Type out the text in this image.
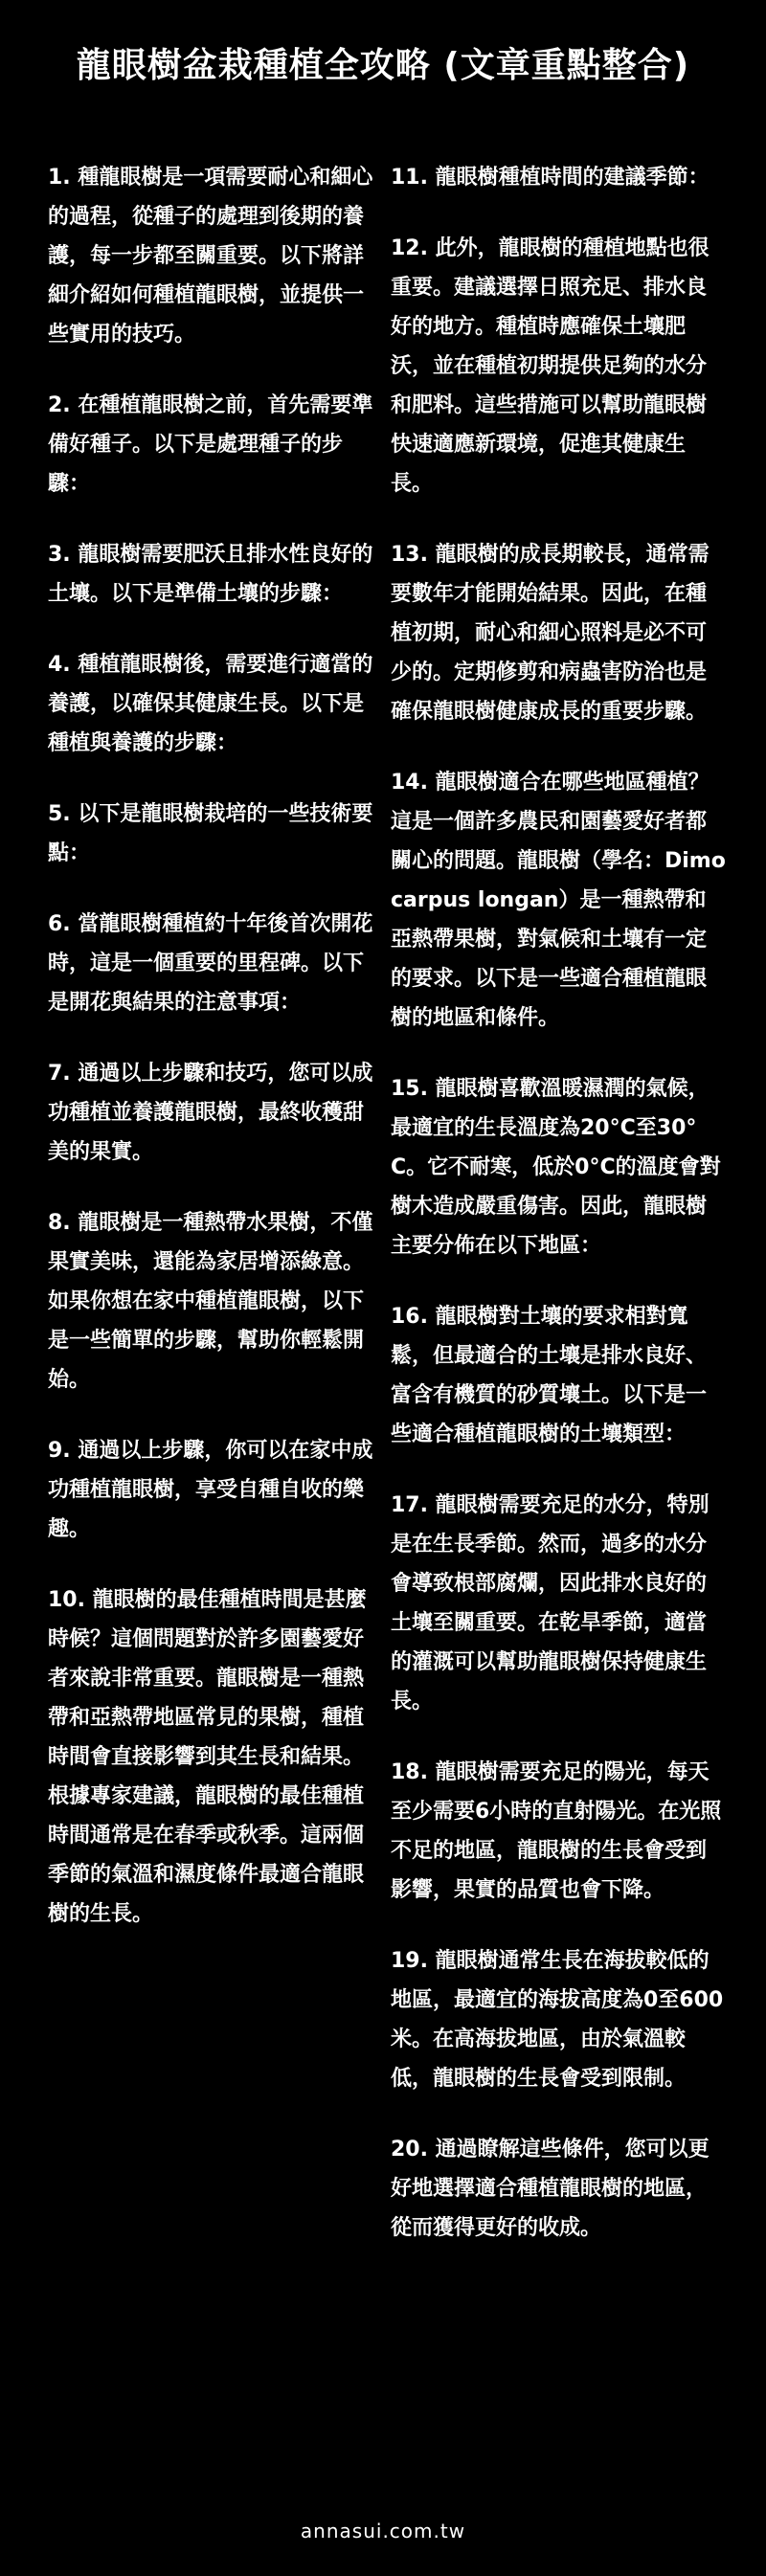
龍眼樹盆栽種植全攻略 (文章重點整合)

1. 種龍眼樹是一項需要耐心和細心的過程，從種子的處理到後期的養護，每一步都至關重要。以下將詳細介紹如何種植龍眼樹，並提供一些實用的技巧。

2. 在種植龍眼樹之前，首先需要準備好種子。以下是處理種子的步驟：

3. 龍眼樹需要肥沃且排水性良好的土壤。以下是準備土壤的步驟：

4. 種植龍眼樹後，需要進行適當的養護，以確保其健康生長。以下是種植與養護的步驟：

5. 以下是龍眼樹栽培的一些技術要點：

6. 當龍眼樹種植約十年後首次開花時，這是一個重要的里程碑。以下是開花與結果的注意事項：

7. 通過以上步驟和技巧，您可以成功種植並養護龍眼樹，最終收穫甜美的果實。

8. 龍眼樹是一種熱帶水果樹，不僅果實美味，還能為家居增添綠意。如果你想在家中種植龍眼樹，以下是一些簡單的步驟，幫助你輕鬆開始。

9. 通過以上步驟，你可以在家中成功種植龍眼樹，享受自種自收的樂趣。

10. 龍眼樹的最佳種植時間是甚麼時候？這個問題對於許多園藝愛好者來說非常重要。龍眼樹是一種熱帶和亞熱帶地區常見的果樹，種植時間會直接影響到其生長和結果。根據專家建議，龍眼樹的最佳種植時間通常是在春季或秋季。這兩個季節的氣溫和濕度條件最適合龍眼樹的生長。

11. 龍眼樹種植時間的建議季節：

12. 此外，龍眼樹的種植地點也很重要。建議選擇日照充足、排水良好的地方。種植時應確保土壤肥沃，並在種植初期提供足夠的水分和肥料。這些措施可以幫助龍眼樹快速適應新環境，促進其健康生長。

13. 龍眼樹的成長期較長，通常需要數年才能開始結果。因此，在種植初期，耐心和細心照料是必不可少的。定期修剪和病蟲害防治也是確保龍眼樹健康成長的重要步驟。

14. 龍眼樹適合在哪些地區種植？這是一個許多農民和園藝愛好者都關心的問題。龍眼樹（學名：Dimocarpus longan）是一種熱帶和亞熱帶果樹，對氣候和土壤有一定的要求。以下是一些適合種植龍眼樹的地區和條件。

15. 龍眼樹喜歡溫暖濕潤的氣候，最適宜的生長溫度為20°C至30°C。它不耐寒，低於0°C的溫度會對樹木造成嚴重傷害。因此，龍眼樹主要分佈在以下地區：

16. 龍眼樹對土壤的要求相對寬鬆，但最適合的土壤是排水良好、富含有機質的砂質壤土。以下是一些適合種植龍眼樹的土壤類型：

17. 龍眼樹需要充足的水分，特別是在生長季節。然而，過多的水分會導致根部腐爛，因此排水良好的土壤至關重要。在乾旱季節，適當的灌溉可以幫助龍眼樹保持健康生長。

18. 龍眼樹需要充足的陽光，每天至少需要6小時的直射陽光。在光照不足的地區，龍眼樹的生長會受到影響，果實的品質也會下降。

19. 龍眼樹通常生長在海拔較低的地區，最適宜的海拔高度為0至600米。在高海拔地區，由於氣溫較低，龍眼樹的生長會受到限制。

20. 通過瞭解這些條件，您可以更好地選擇適合種植龍眼樹的地區，從而獲得更好的收成。

annasui.com.tw
